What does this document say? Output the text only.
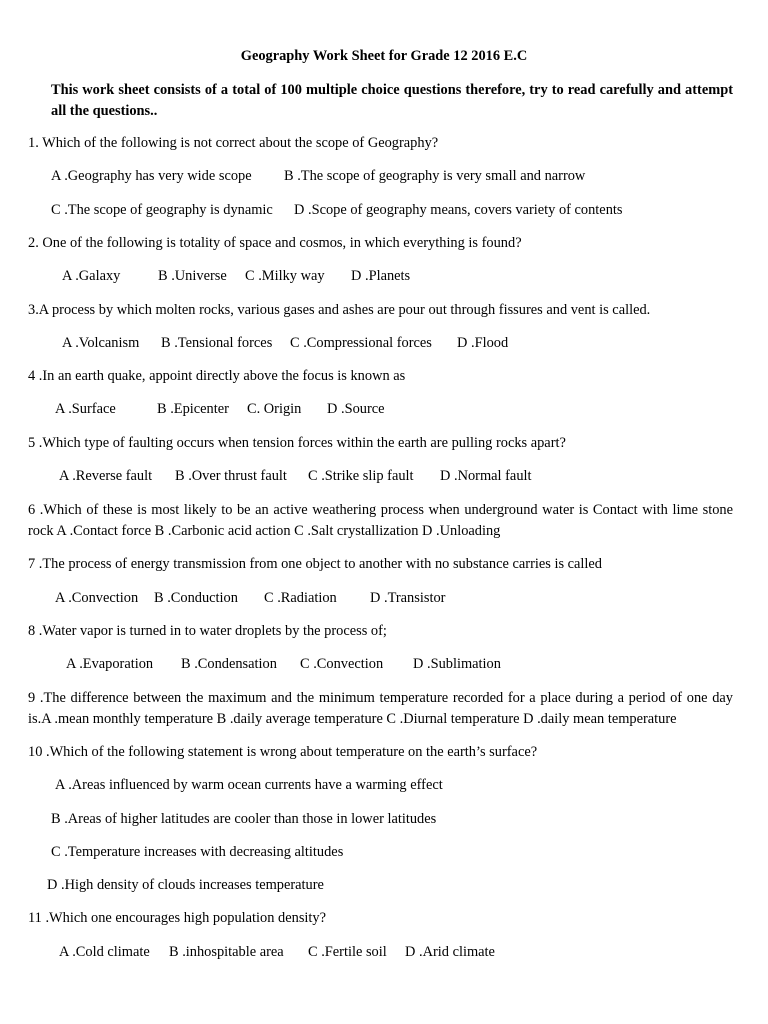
Geography Work Sheet for Grade 12 2016 E.C
This work sheet consists of a total of 100 multiple choice questions therefore, try to read carefully and attempt all the questions..
1. Which of the following is not correct about the scope of Geography?
A .Geography has very wide scope B .The scope of geography is very small and narrow
C .The scope of geography is dynamic D .Scope of geography means, covers variety of contents
2. One of the following is totality of space and cosmos, in which everything is found?
A .Galaxy	B .Universe C .Milky way D .Planets
3.A process by which molten rocks, various gases and ashes are pour out through fissures and vent is called.
A .Volcanism B .Tensional forces C .Compressional forces D .Flood
4 .In an earth quake, appoint directly above the focus is known as
A .Surface	B .Epicenter C. Origin D .Source
5 .Which type of faulting occurs when tension forces within the earth are pulling rocks apart?
A .Reverse fault B .Over thrust fault C .Strike slip fault D .Normal fault
6 .Which of these is most likely to be an active weathering process when underground water is Contact with lime stone rock A .Contact force B .Carbonic acid action C .Salt crystallization D .Unloading
7 .The process of energy transmission from one object to another with no substance carries is called
A .Convection B .Conduction C .Radiation D .Transistor
8 .Water vapor is turned in to water droplets by the process of;
A .Evaporation B .Condensation C .Convection D .Sublimation
9 .The difference between the maximum and the minimum temperature recorded for a place during a period of one day is.A .mean monthly temperature B .daily average temperature C .Diurnal temperature D .daily mean temperature
10 .Which of the following statement is wrong about temperature on the earth’s surface?
A .Areas influenced by warm ocean currents have a warming effect
B .Areas of higher latitudes are cooler than those in lower latitudes
C .Temperature increases with decreasing altitudes
D .High density of clouds increases temperature
11 .Which one encourages high population density?
A .Cold climate B .inhospitable area C .Fertile soil D .Arid climate
